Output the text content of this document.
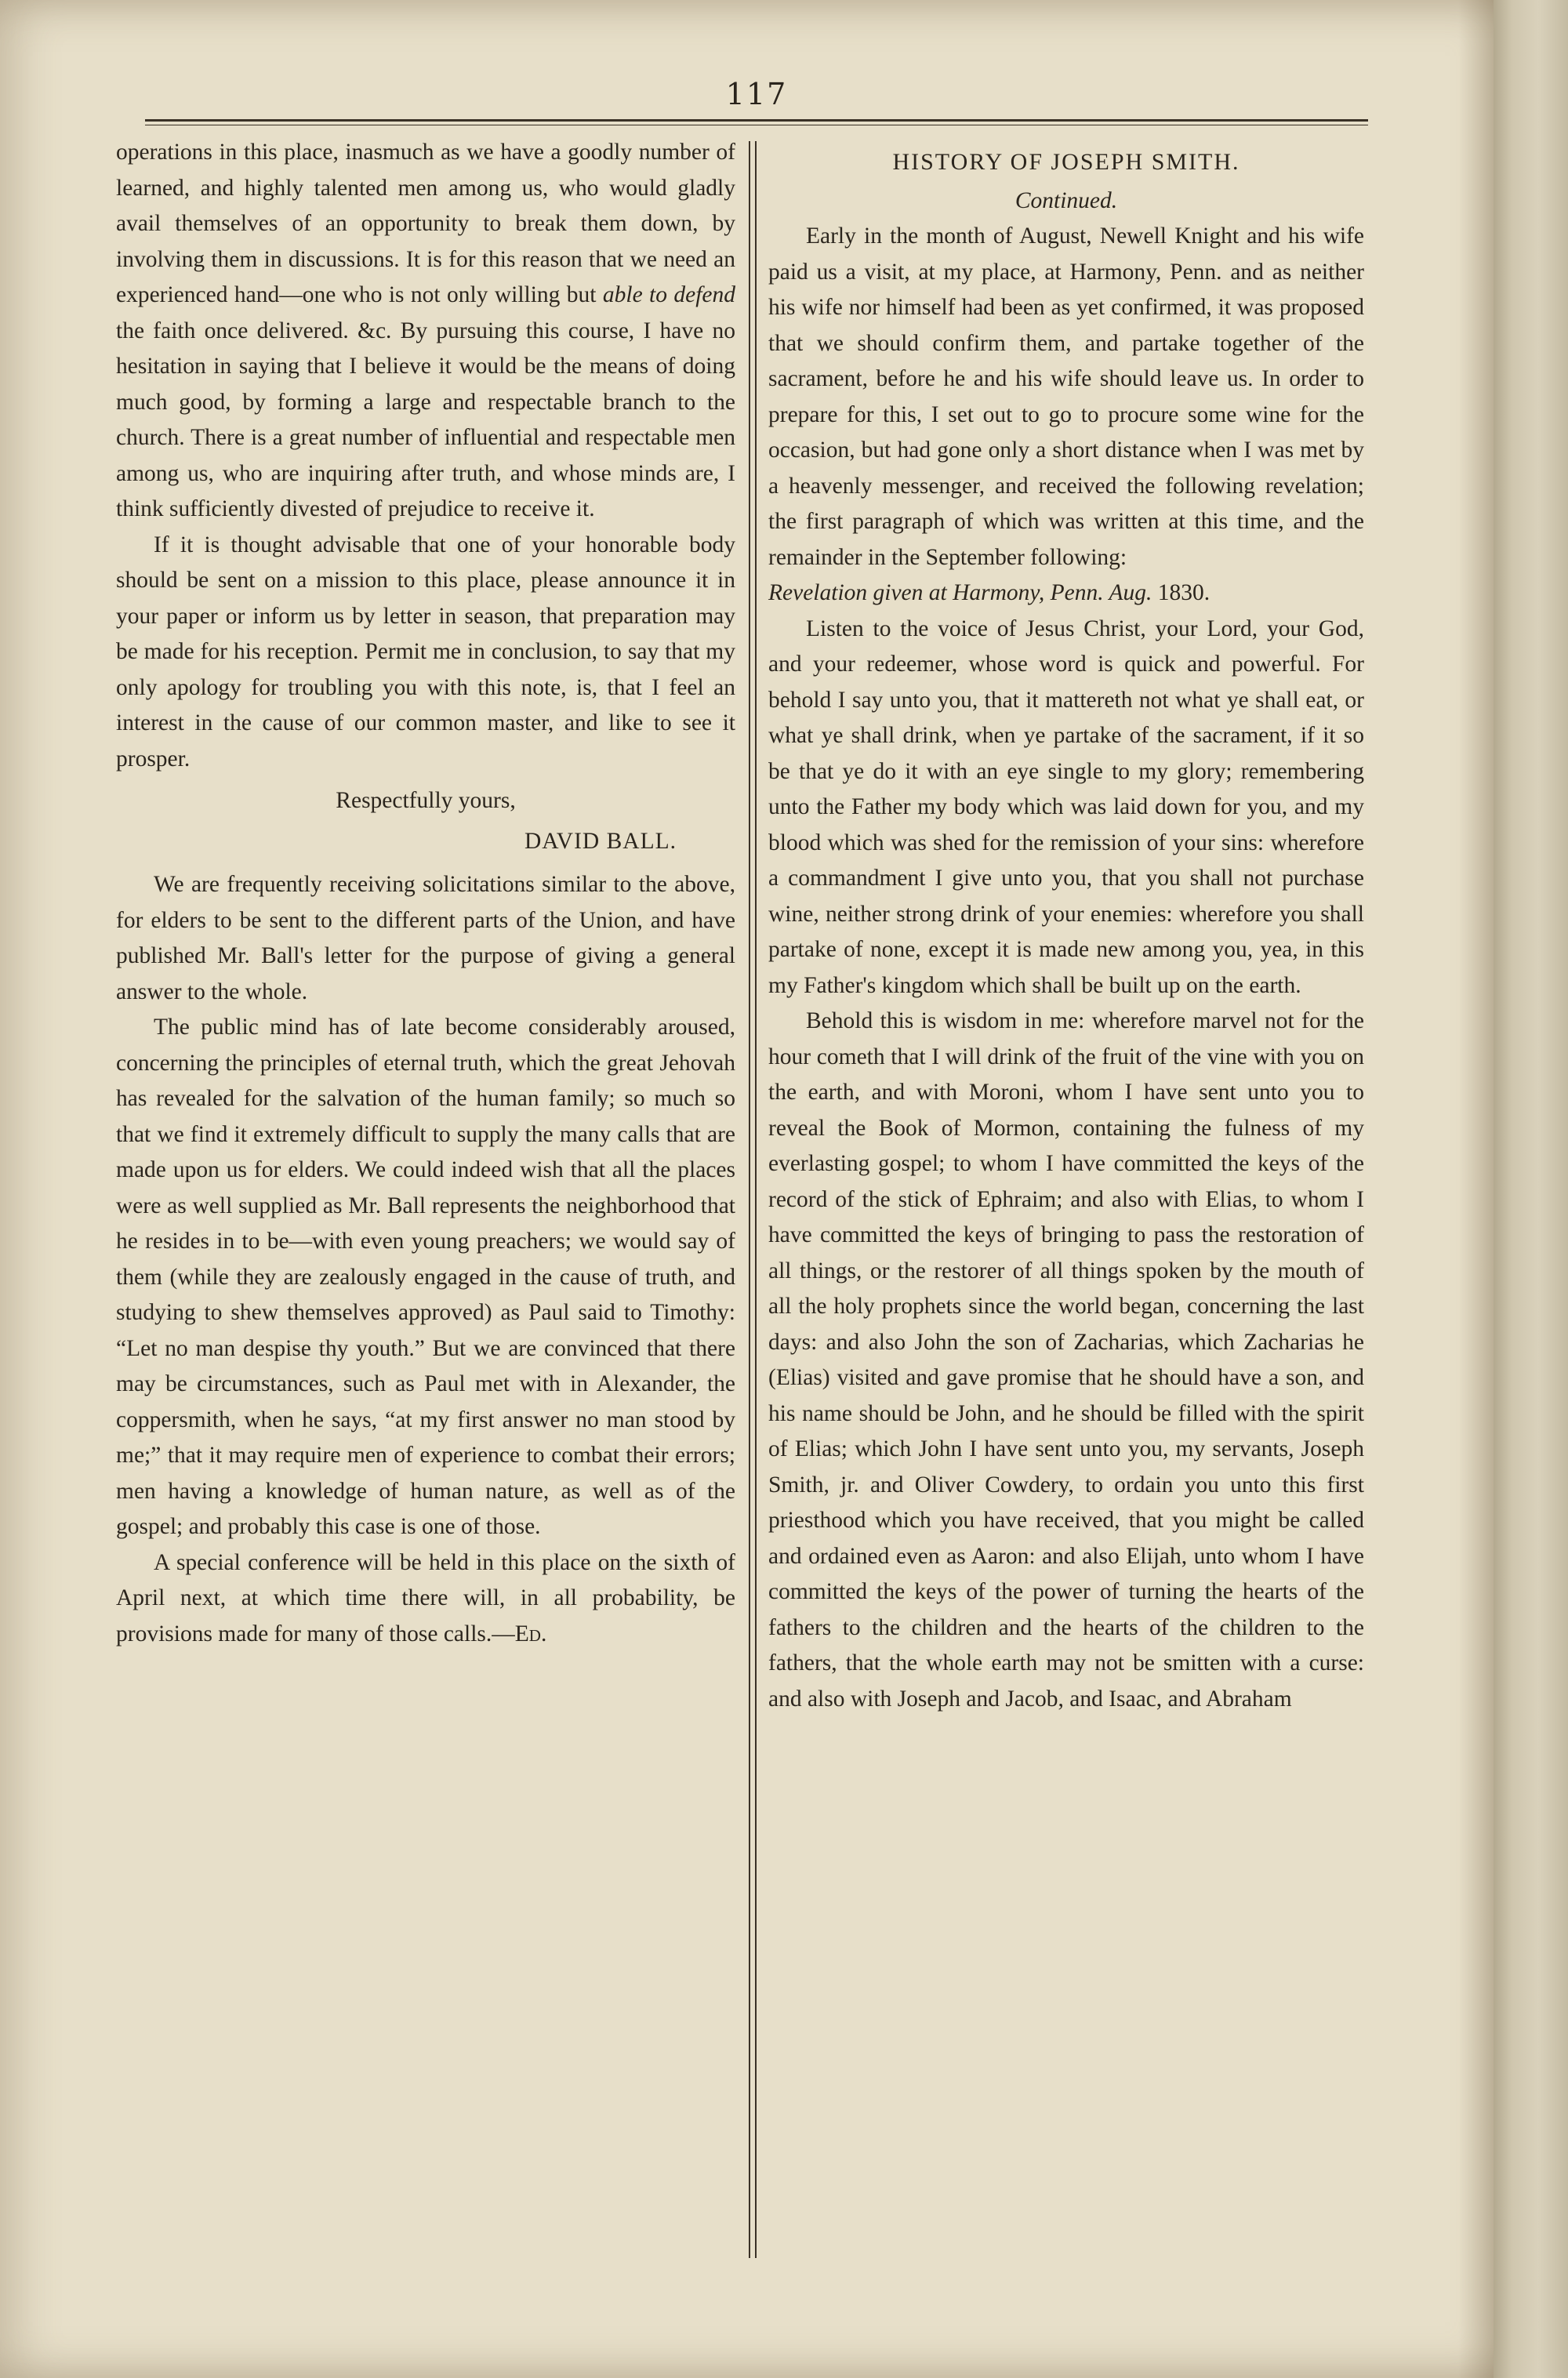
117

operations in this place, inasmuch as we have a goodly number of learned, and highly talented men among us, who would gladly avail themselves of an opportunity to break them down, by involving them in discussions. It is for this reason that we need an experienced hand—one who is not only willing but able to defend the faith once delivered. &c. By pursuing this course, I have no hesitation in saying that I believe it would be the means of doing much good, by forming a large and respectable branch to the church. There is a great number of influential and respectable men among us, who are inquiring after truth, and whose minds are, I think sufficiently divested of prejudice to receive it.

If it is thought advisable that one of your honorable body should be sent on a mission to this place, please announce it in your paper or inform us by letter in season, that preparation may be made for his reception. Permit me in conclusion, to say that my only apology for troubling you with this note, is, that I feel an interest in the cause of our common master, and like to see it prosper.

Respectfully yours,

DAVID BALL.

We are frequently receiving solicitations similar to the above, for elders to be sent to the different parts of the Union, and have published Mr. Ball's letter for the purpose of giving a general answer to the whole.

The public mind has of late become considerably aroused, concerning the principles of eternal truth, which the great Jehovah has revealed for the salvation of the human family; so much so that we find it extremely difficult to supply the many calls that are made upon us for elders. We could indeed wish that all the places were as well supplied as Mr. Ball represents the neighborhood that he resides in to be—with even young preachers; we would say of them (while they are zealously engaged in the cause of truth, and studying to shew themselves approved) as Paul said to Timothy: “Let no man despise thy youth.” But we are convinced that there may be circumstances, such as Paul met with in Alexander, the coppersmith, when he says, “at my first answer no man stood by me;” that it may require men of experience to combat their errors; men having a knowledge of human nature, as well as of the gospel; and probably this case is one of those.

A special conference will be held in this place on the sixth of April next, at which time there will, in all probability, be provisions made for many of those calls.—Ed.

HISTORY OF JOSEPH SMITH.

Continued.

Early in the month of August, Newell Knight and his wife paid us a visit, at my place, at Harmony, Penn. and as neither his wife nor himself had been as yet confirmed, it was proposed that we should confirm them, and partake together of the sacrament, before he and his wife should leave us. In order to prepare for this, I set out to go to procure some wine for the occasion, but had gone only a short distance when I was met by a heavenly messenger, and received the following revelation; the first paragraph of which was written at this time, and the remainder in the September following:

Revelation given at Harmony, Penn. Aug. 1830.

Listen to the voice of Jesus Christ, your Lord, your God, and your redeemer, whose word is quick and powerful. For behold I say unto you, that it mattereth not what ye shall eat, or what ye shall drink, when ye partake of the sacrament, if it so be that ye do it with an eye single to my glory; remembering unto the Father my body which was laid down for you, and my blood which was shed for the remission of your sins: wherefore a commandment I give unto you, that you shall not purchase wine, neither strong drink of your enemies: wherefore you shall partake of none, except it is made new among you, yea, in this my Father's kingdom which shall be built up on the earth.

Behold this is wisdom in me: wherefore marvel not for the hour cometh that I will drink of the fruit of the vine with you on the earth, and with Moroni, whom I have sent unto you to reveal the Book of Mormon, containing the fulness of my everlasting gospel; to whom I have committed the keys of the record of the stick of Ephraim; and also with Elias, to whom I have committed the keys of bringing to pass the restoration of all things, or the restorer of all things spoken by the mouth of all the holy prophets since the world began, concerning the last days: and also John the son of Zacharias, which Zacharias he (Elias) visited and gave promise that he should have a son, and his name should be John, and he should be filled with the spirit of Elias; which John I have sent unto you, my servants, Joseph Smith, jr. and Oliver Cowdery, to ordain you unto this first priesthood which you have received, that you might be called and ordained even as Aaron: and also Elijah, unto whom I have committed the keys of the power of turning the hearts of the fathers to the children and the hearts of the children to the fathers, that the whole earth may not be smitten with a curse: and also with Joseph and Jacob, and Isaac, and Abraham
